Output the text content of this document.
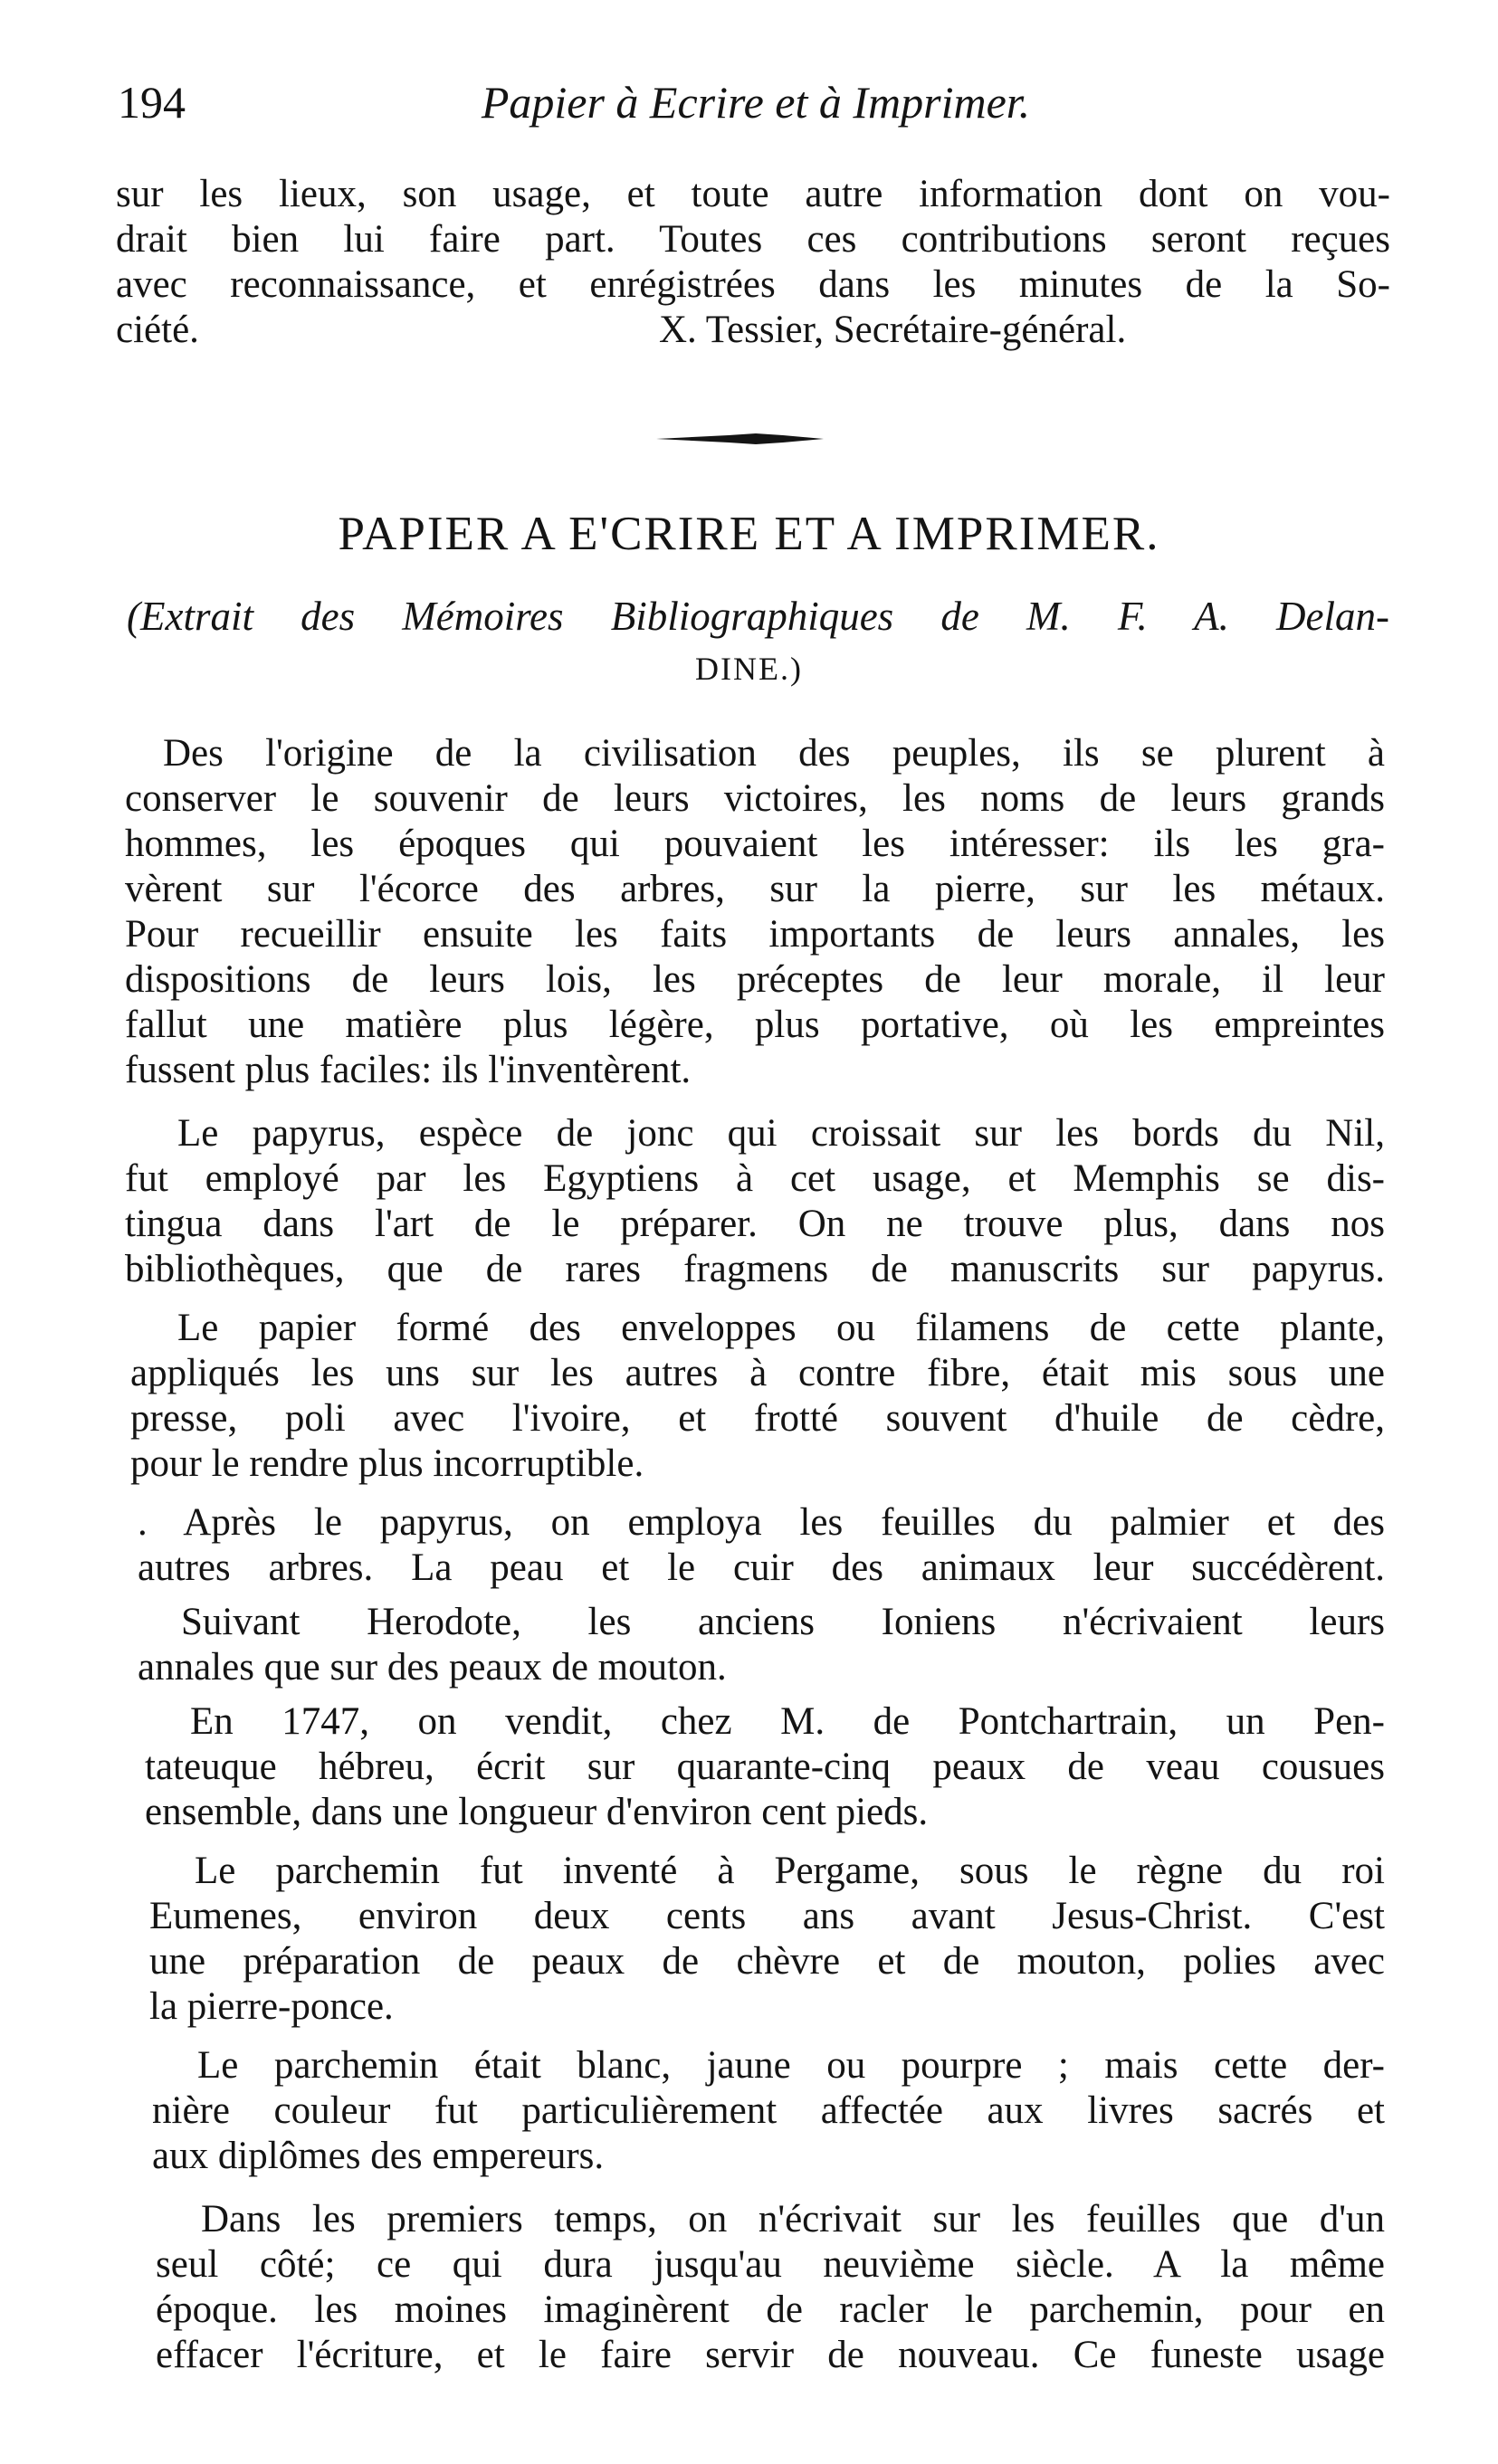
194	Papier à Ecrire et à Imprimer.
sur les lieux, son usage, et toute autre information dont on vou-
drait bien lui faire part. Toutes ces contributions seront reçues
avec reconnaissance, et enrégistrées dans les minutes de la So-
ciété.	X. Tessier, Secrétaire-général.
PAPIER A E'CRIRE ET A IMPRIMER.
(Extrait des Mémoires Bibliographiques de M. F. A. Delan-
DINE.)
Des l'origine de la civilisation des peuples, ils se plurent à
conserver le souvenir de leurs victoires, les noms de leurs grands
hommes, les époques qui pouvaient les intéresser: ils les gra-
vèrent sur l'écorce des arbres, sur la pierre, sur les métaux.
Pour recueillir ensuite les faits importants de leurs annales, les
dispositions de leurs lois, les préceptes de leur morale, il leur
fallut une matière plus légère, plus portative, où les empreintes
fussent plus faciles: ils l'inventèrent.
Le papyrus, espèce de jonc qui croissait sur les bords du Nil,
fut employé par les Egyptiens à cet usage, et Memphis se dis-
tingua dans l'art de le préparer. On ne trouve plus, dans nos
bibliothèques, que de rares fragmens de manuscrits sur papyrus.
Le papier formé des enveloppes ou filamens de cette plante,
appliqués les uns sur les autres à contre fibre, était mis sous une
presse, poli avec l'ivoire, et frotté souvent d'huile de cèdre,
pour le rendre plus incorruptible.
. Après le papyrus, on employa les feuilles du palmier et des
autres arbres. La peau et le cuir des animaux leur succédèrent.
Suivant Herodote, les anciens Ioniens n'écrivaient leurs
annales que sur des peaux de mouton.
En 1747, on vendit, chez M. de Pontchartrain, un Pen-
tateuque hébreu, écrit sur quarante-cinq peaux de veau cousues
ensemble, dans une longueur d'environ cent pieds.
Le parchemin fut inventé à Pergame, sous le règne du roi
Eumenes, environ deux cents ans avant Jesus-Christ. C'est
une préparation de peaux de chèvre et de mouton, polies avec
la pierre-ponce.
Le parchemin était blanc, jaune ou pourpre ; mais cette der-
nière couleur fut particulièrement affectée aux livres sacrés et
aux diplômes des empereurs.
Dans les premiers temps, on n'écrivait sur les feuilles que d'un
seul côté; ce qui dura jusqu'au neuvième siècle. A la même
époque. les moines imaginèrent de racler le parchemin, pour en
effacer l'écriture, et le faire servir de nouveau. Ce funeste usage
